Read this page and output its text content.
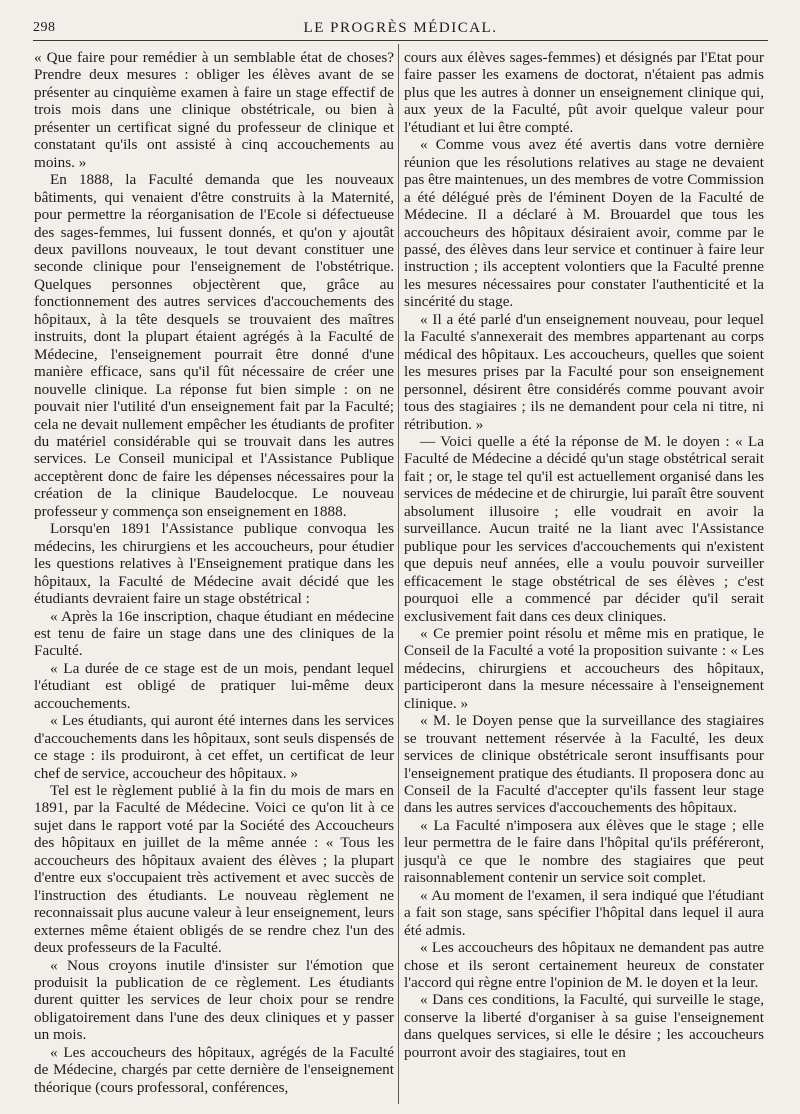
298	LE PROGRÈS MÉDICAL.

« Que faire pour remédier à un semblable état de choses? Prendre deux mesures : obliger les élèves avant de se présenter au cinquième examen à faire un stage effectif de trois mois dans une clinique obstétricale, ou bien à présenter un certificat signé du professeur de clinique et constatant qu'ils ont assisté à cinq accouchements au moins. »

En 1888, la Faculté demanda que les nouveaux bâtiments, qui venaient d'être construits à la Maternité, pour permettre la réorganisation de l'Ecole si défectueuse des sages-femmes, lui fussent donnés, et qu'on y ajoutât deux pavillons nouveaux, le tout devant constituer une seconde clinique pour l'enseignement de l'obstétrique. Quelques personnes objectèrent que, grâce au fonctionnement des autres services d'accouchements des hôpitaux, à la tête desquels se trouvaient des maîtres instruits, dont la plupart étaient agrégés à la Faculté de Médecine, l'enseignement pourrait être donné d'une manière efficace, sans qu'il fût nécessaire de créer une nouvelle clinique. La réponse fut bien simple : on ne pouvait nier l'utilité d'un enseignement fait par la Faculté; cela ne devait nullement empêcher les étudiants de profiter du matériel considérable qui se trouvait dans les autres services. Le Conseil municipal et l'Assistance Publique acceptèrent donc de faire les dépenses nécessaires pour la création de la clinique Baudelocque. Le nouveau professeur y commença son enseignement en 1888.

Lorsqu'en 1891 l'Assistance publique convoqua les médecins, les chirurgiens et les accoucheurs, pour étudier les questions relatives à l'Enseignement pratique dans les hôpitaux, la Faculté de Médecine avait décidé que les étudiants devraient faire un stage obstétrical :

« Après la 16e inscription, chaque étudiant en médecine est tenu de faire un stage dans une des cliniques de la Faculté.

« La durée de ce stage est de un mois, pendant lequel l'étudiant est obligé de pratiquer lui-même deux accouchements.

« Les étudiants, qui auront été internes dans les services d'accouchements dans les hôpitaux, sont seuls dispensés de ce stage : ils produiront, à cet effet, un certificat de leur chef de service, accoucheur des hôpitaux. »

Tel est le règlement publié à la fin du mois de mars en 1891, par la Faculté de Médecine. Voici ce qu'on lit à ce sujet dans le rapport voté par la Société des Accoucheurs des hôpitaux en juillet de la même année : « Tous les accoucheurs des hôpitaux avaient des élèves ; la plupart d'entre eux s'occupaient très activement et avec succès de l'instruction des étudiants. Le nouveau règlement ne reconnaissait plus aucune valeur à leur enseignement, leurs externes même étaient obligés de se rendre chez l'un des deux professeurs de la Faculté.

« Nous croyons inutile d'insister sur l'émotion que produisit la publication de ce règlement. Les étudiants durent quitter les services de leur choix pour se rendre obligatoirement dans l'une des deux cliniques et y passer un mois.

« Les accoucheurs des hôpitaux, agrégés de la Faculté de Médecine, chargés par cette dernière de l'enseignement théorique (cours professoral, conférences,

cours aux élèves sages-femmes) et désignés par l'Etat pour faire passer les examens de doctorat, n'étaient pas admis plus que les autres à donner un enseignement clinique qui, aux yeux de la Faculté, pût avoir quelque valeur pour l'étudiant et lui être compté.

« Comme vous avez été avertis dans votre dernière réunion que les résolutions relatives au stage ne devaient pas être maintenues, un des membres de votre Commission a été délégué près de l'éminent Doyen de la Faculté de Médecine. Il a déclaré à M. Brouardel que tous les accoucheurs des hôpitaux désiraient avoir, comme par le passé, des élèves dans leur service et continuer à faire leur instruction ; ils acceptent volontiers que la Faculté prenne les mesures nécessaires pour constater l'authenticité et la sincérité du stage.

« Il a été parlé d'un enseignement nouveau, pour lequel la Faculté s'annexerait des membres appartenant au corps médical des hôpitaux. Les accoucheurs, quelles que soient les mesures prises par la Faculté pour son enseignement personnel, désirent être considérés comme pouvant avoir tous des stagiaires ; ils ne demandent pour cela ni titre, ni rétribution. »

— Voici quelle a été la réponse de M. le doyen : « La Faculté de Médecine a décidé qu'un stage obstétrical serait fait ; or, le stage tel qu'il est actuellement organisé dans les services de médecine et de chirurgie, lui paraît être souvent absolument illusoire ; elle voudrait en avoir la surveillance. Aucun traité ne la liant avec l'Assistance publique pour les services d'accouchements qui n'existent que depuis neuf années, elle a voulu pouvoir surveiller efficacement le stage obstétrical de ses élèves ; c'est pourquoi elle a commencé par décider qu'il serait exclusivement fait dans ces deux cliniques.

« Ce premier point résolu et même mis en pratique, le Conseil de la Faculté a voté la proposition suivante : « Les médecins, chirurgiens et accoucheurs des hôpitaux, participeront dans la mesure nécessaire à l'enseignement clinique. »

« M. le Doyen pense que la surveillance des stagiaires se trouvant nettement réservée à la Faculté, les deux services de clinique obstétricale seront insuffisants pour l'enseignement pratique des étudiants. Il proposera donc au Conseil de la Faculté d'accepter qu'ils fassent leur stage dans les autres services d'accouchements des hôpitaux.

« La Faculté n'imposera aux élèves que le stage ; elle leur permettra de le faire dans l'hôpital qu'ils préféreront, jusqu'à ce que le nombre des stagiaires que peut raisonnablement contenir un service soit complet.

« Au moment de l'examen, il sera indiqué que l'étudiant a fait son stage, sans spécifier l'hôpital dans lequel il aura été admis.

« Les accoucheurs des hôpitaux ne demandent pas autre chose et ils seront certainement heureux de constater l'accord qui règne entre l'opinion de M. le doyen et la leur.

« Dans ces conditions, la Faculté, qui surveille le stage, conserve la liberté d'organiser à sa guise l'enseignement dans quelques services, si elle le désire ; les accoucheurs pourront avoir des stagiaires, tout en
